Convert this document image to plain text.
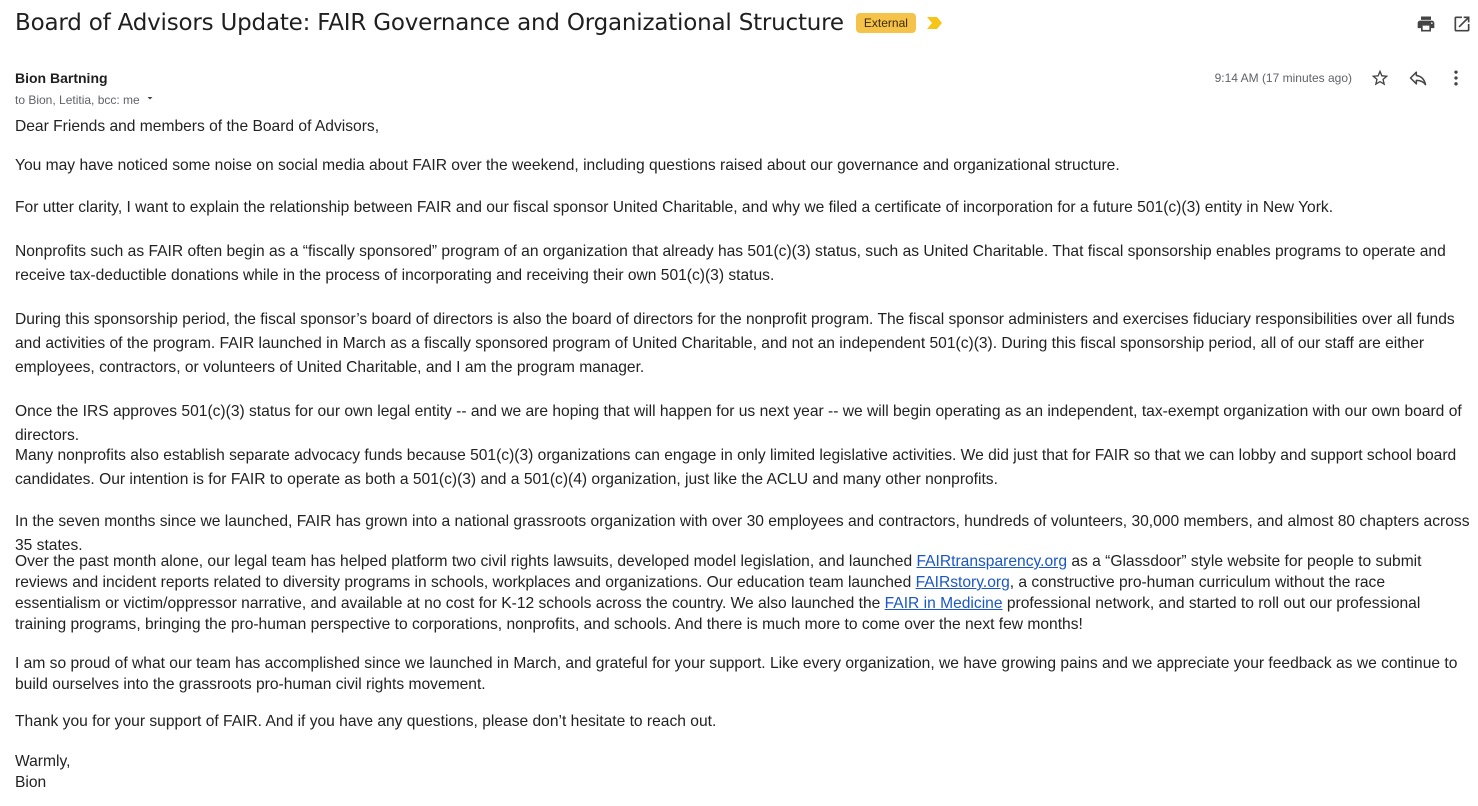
Board of Advisors Update: FAIR Governance and Organizational Structure	External
Bion Bartning
to Bion, Letitia, bcc: me
9:14 AM (17 minutes ago)

Dear Friends and members of the Board of Advisors,

You may have noticed some noise on social media about FAIR over the weekend, including questions raised about our governance and organizational structure.

For utter clarity, I want to explain the relationship between FAIR and our fiscal sponsor United Charitable, and why we filed a certificate of incorporation for a future 501(c)(3) entity in New York.

Nonprofits such as FAIR often begin as a “fiscally sponsored” program of an organization that already has 501(c)(3) status, such as United Charitable. That fiscal sponsorship enables programs to operate and receive tax-deductible donations while in the process of incorporating and receiving their own 501(c)(3) status.

During this sponsorship period, the fiscal sponsor’s board of directors is also the board of directors for the nonprofit program. The fiscal sponsor administers and exercises fiduciary responsibilities over all funds and activities of the program. FAIR launched in March as a fiscally sponsored program of United Charitable, and not an independent 501(c)(3). During this fiscal sponsorship period, all of our staff are either employees, contractors, or volunteers of United Charitable, and I am the program manager.

Once the IRS approves 501(c)(3) status for our own legal entity -- and we are hoping that will happen for us next year -- we will begin operating as an independent, tax-exempt organization with our own board of directors.

Many nonprofits also establish separate advocacy funds because 501(c)(3) organizations can engage in only limited legislative activities. We did just that for FAIR so that we can lobby and support school board candidates. Our intention is for FAIR to operate as both a 501(c)(3) and a 501(c)(4) organization, just like the ACLU and many other nonprofits.

In the seven months since we launched, FAIR has grown into a national grassroots organization with over 30 employees and contractors, hundreds of volunteers, 30,000 members, and almost 80 chapters across 35 states.

Over the past month alone, our legal team has helped platform two civil rights lawsuits, developed model legislation, and launched FAIRtransparency.org as a “Glassdoor” style website for people to submit reviews and incident reports related to diversity programs in schools, workplaces and organizations. Our education team launched FAIRstory.org, a constructive pro-human curriculum without the race essentialism or victim/oppressor narrative, and available at no cost for K-12 schools across the country. We also launched the FAIR in Medicine professional network, and started to roll out our professional training programs, bringing the pro-human perspective to corporations, nonprofits, and schools. And there is much more to come over the next few months!

I am so proud of what our team has accomplished since we launched in March, and grateful for your support. Like every organization, we have growing pains and we appreciate your feedback as we continue to build ourselves into the grassroots pro-human civil rights movement.

Thank you for your support of FAIR. And if you have any questions, please don’t hesitate to reach out.

Warmly,

Bion
